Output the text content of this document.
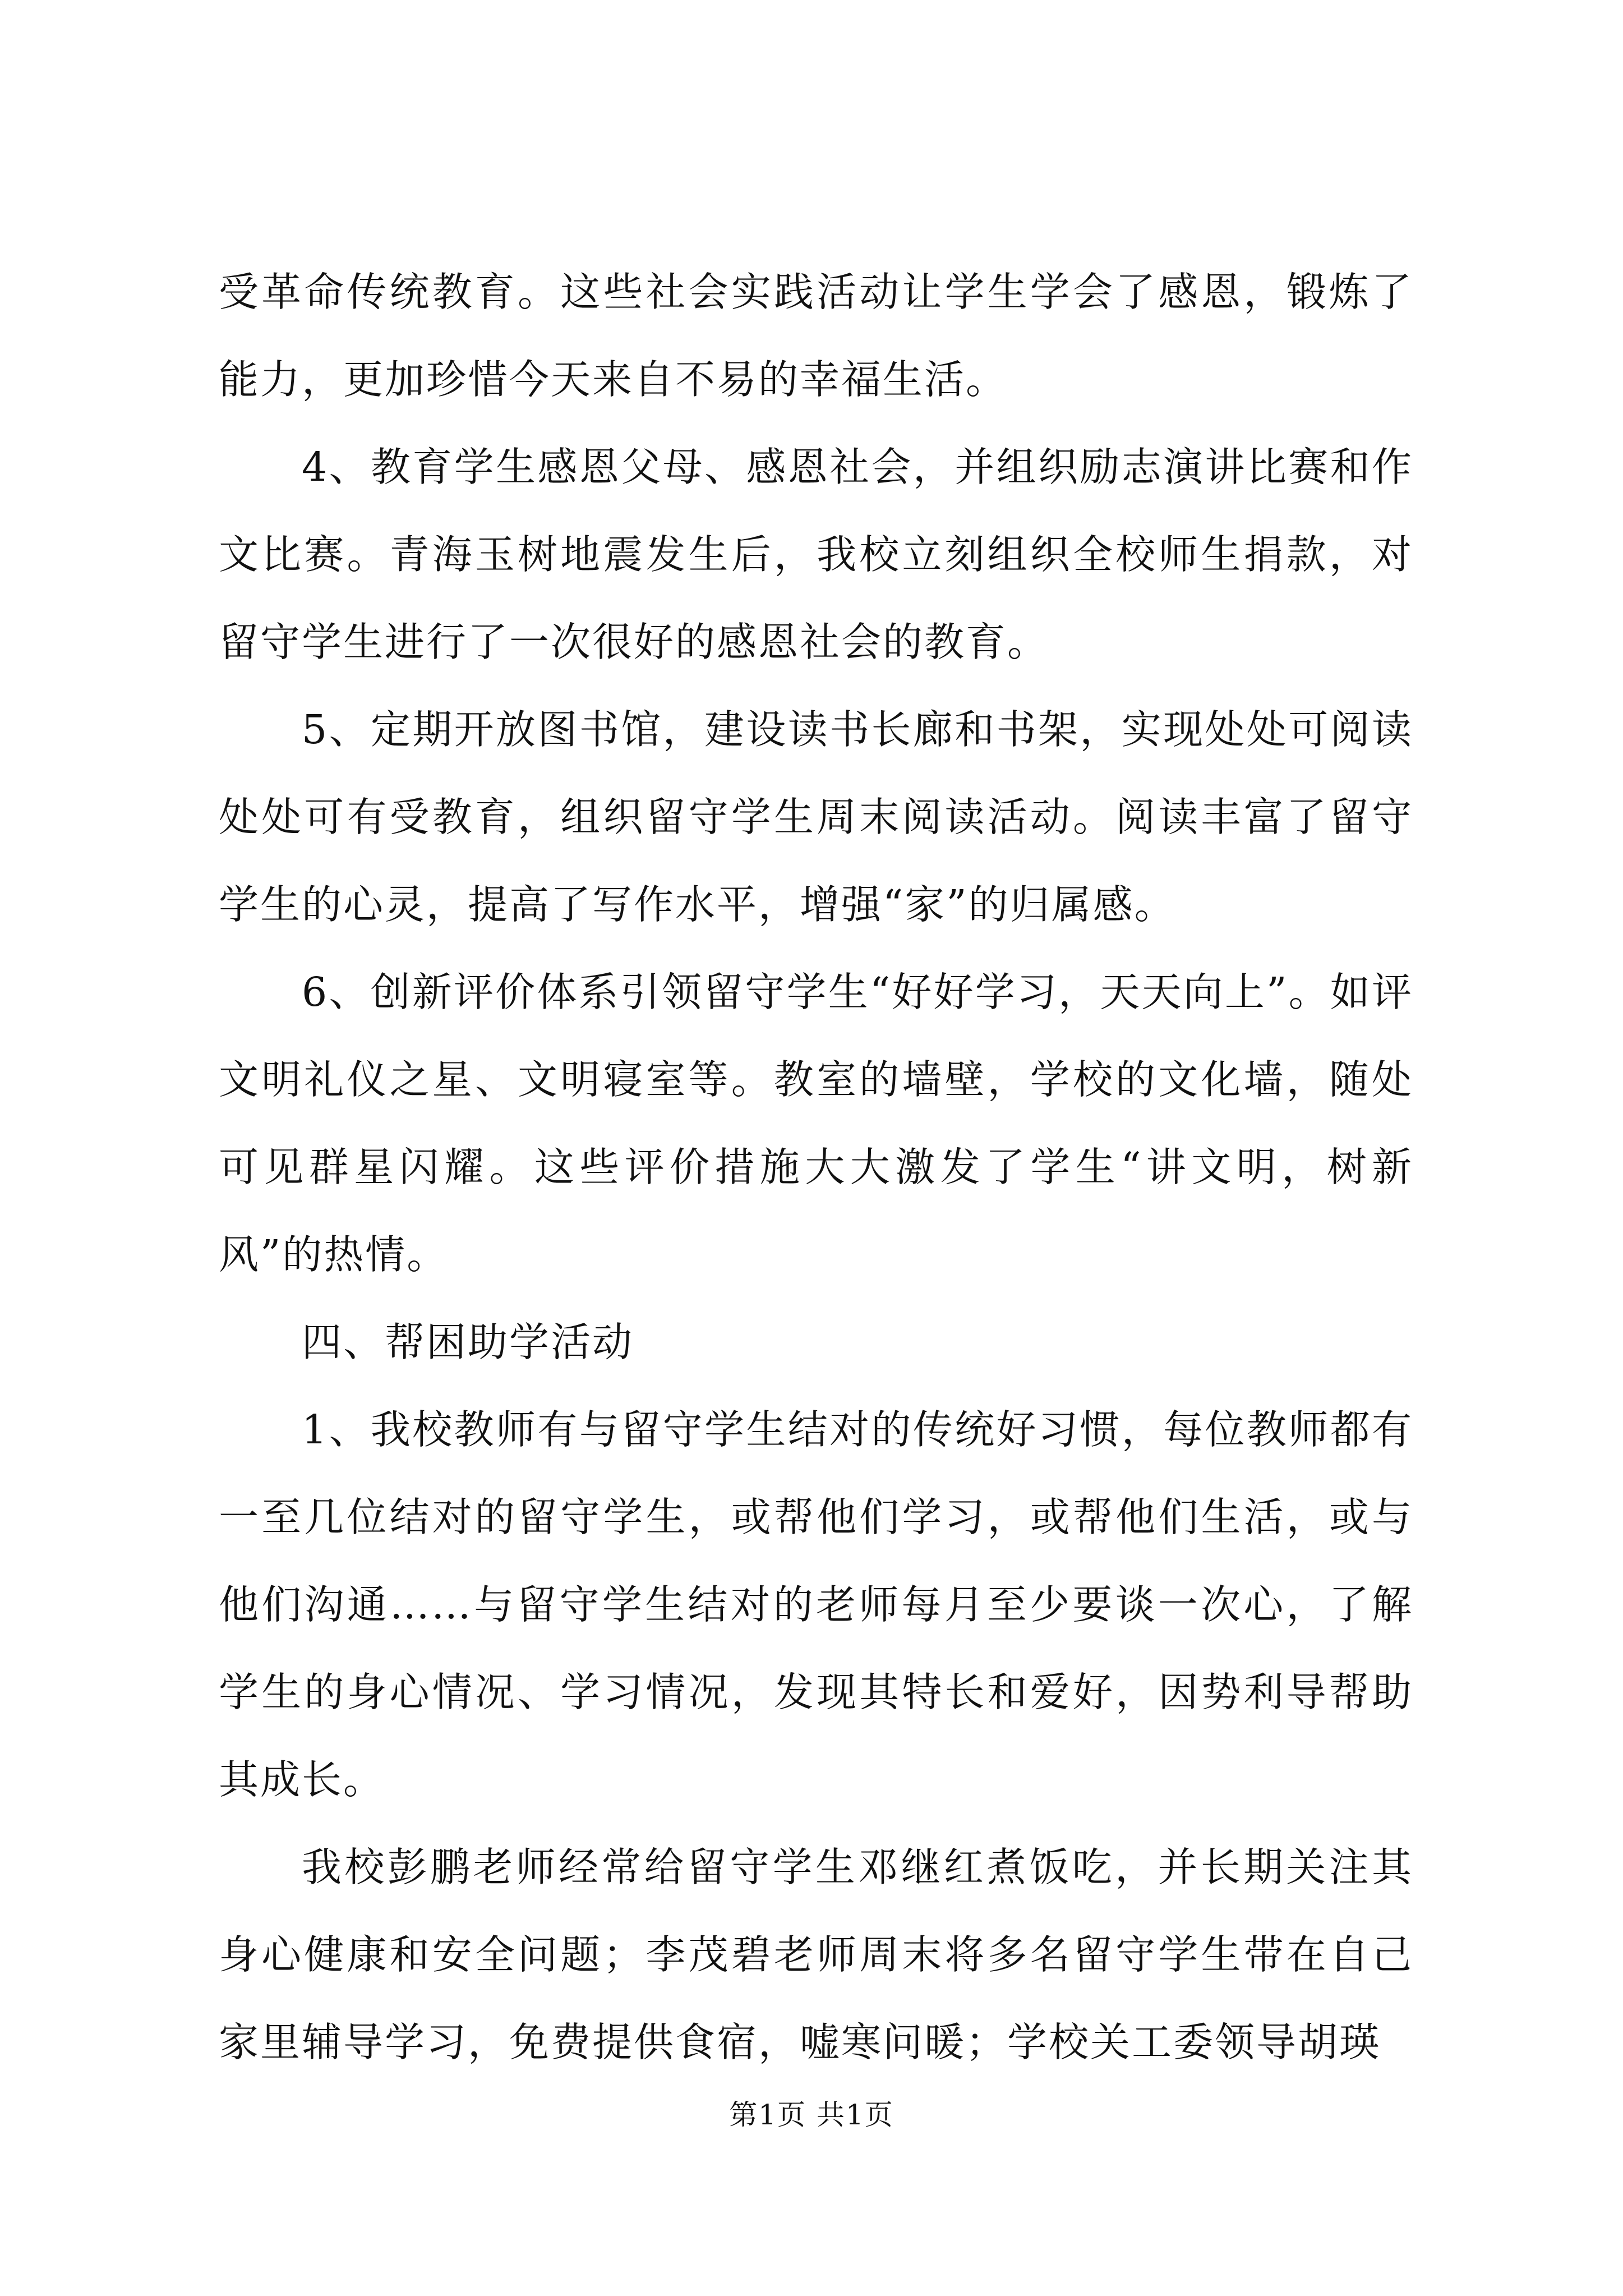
受革命传统教育。这些社会实践活动让学生学会了感恩，锻炼了能力，更加珍惜今天来自不易的幸福生活。

4、教育学生感恩父母、感恩社会，并组织励志演讲比赛和作文比赛。青海玉树地震发生后，我校立刻组织全校师生捐款，对留守学生进行了一次很好的感恩社会的教育。

5、定期开放图书馆，建设读书长廊和书架，实现处处可阅读处处可有受教育，组织留守学生周末阅读活动。阅读丰富了留守学生的心灵，提高了写作水平，增强“家”的归属感。

6、创新评价体系引领留守学生“好好学习，天天向上”。如评文明礼仪之星、文明寝室等。教室的墙壁，学校的文化墙，随处可见群星闪耀。这些评价措施大大激发了学生“讲文明，树新风”的热情。

四、帮困助学活动

1、我校教师有与留守学生结对的传统好习惯，每位教师都有一至几位结对的留守学生，或帮他们学习，或帮他们生活，或与他们沟通……与留守学生结对的老师每月至少要谈一次心，了解学生的身心情况、学习情况，发现其特长和爱好，因势利导帮助其成长。

我校彭鹏老师经常给留守学生邓继红煮饭吃，并长期关注其身心健康和安全问题；李茂碧老师周末将多名留守学生带在自己家里辅导学习，免费提供食宿，嘘寒问暖；学校关工委领导胡瑛

第1页 共1页
